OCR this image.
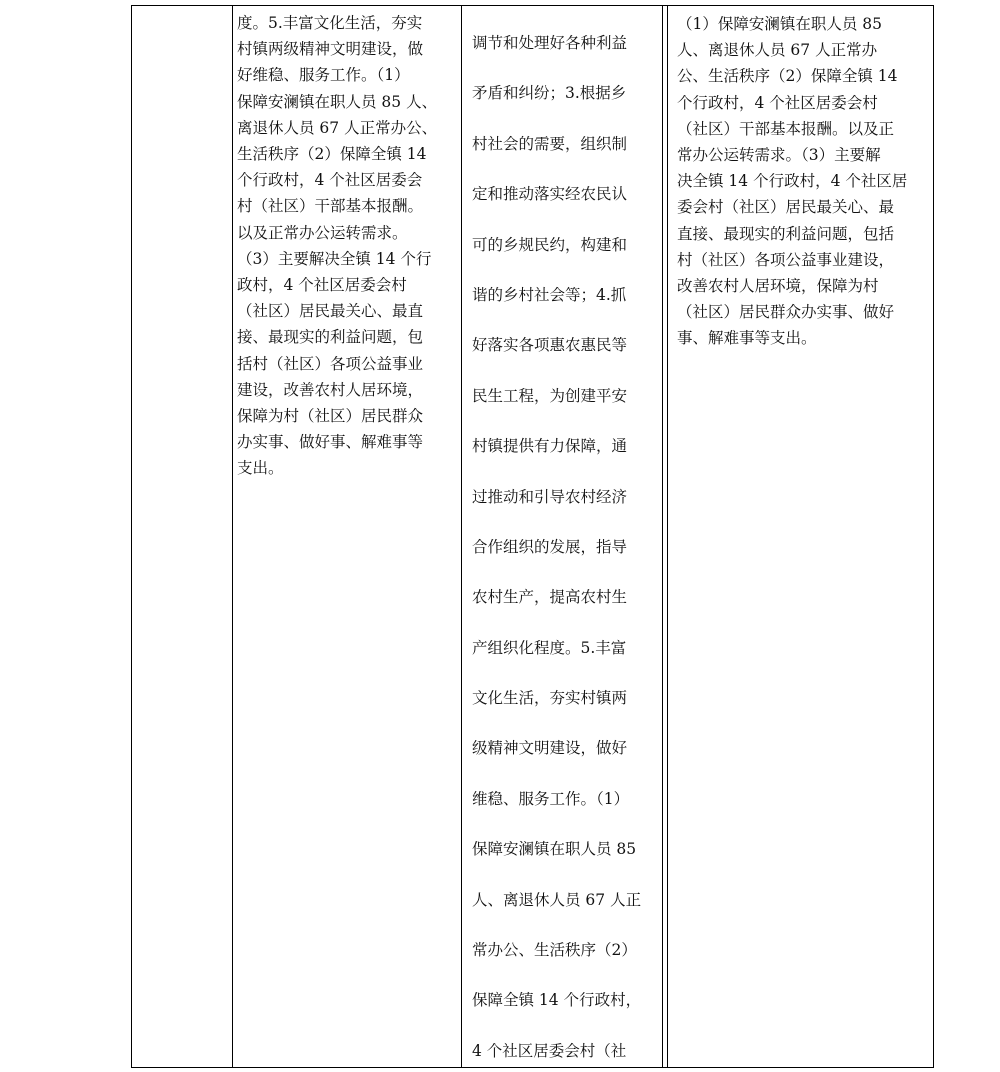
度。5.丰富文化生活，夯实

村镇两级精神文明建设，做

好维稳、服务工作。（1）

保障安澜镇在职人员 85 人、

离退休人员 67 人正常办公、

生活秩序（2）保障全镇 14

个行政村，4 个社区居委会

村（社区）干部基本报酬。

以及正常办公运转需求。

（3）主要解决全镇 14 个行

政村，4 个社区居委会村

（社区）居民最关心、最直

接、最现实的利益问题，包

括村（社区）各项公益事业

建设，改善农村人居环境，

保障为村（社区）居民群众

办实事、做好事、解难事等

支出。

调节和处理好各种利益

矛盾和纠纷；3.根据乡

村社会的需要，组织制

定和推动落实经农民认

可的乡规民约，构建和

谐的乡村社会等；4.抓

好落实各项惠农惠民等

民生工程，为创建平安

村镇提供有力保障，通

过推动和引导农村经济

合作组织的发展，指导

农村生产，提高农村生

产组织化程度。5.丰富

文化生活，夯实村镇两

级精神文明建设，做好

维稳、服务工作。（1）

保障安澜镇在职人员 85

人、离退休人员 67 人正

常办公、生活秩序（2）

保障全镇 14 个行政村，

4 个社区居委会村（社

（1）保障安澜镇在职人员 85

人、离退休人员 67 人正常办

公、生活秩序（2）保障全镇 14

个行政村，4 个社区居委会村

（社区）干部基本报酬。以及正

常办公运转需求。（3）主要解

决全镇 14 个行政村，4 个社区居

委会村（社区）居民最关心、最

直接、最现实的利益问题，包括

村（社区）各项公益事业建设，

改善农村人居环境，保障为村

（社区）居民群众办实事、做好

事、解难事等支出。
